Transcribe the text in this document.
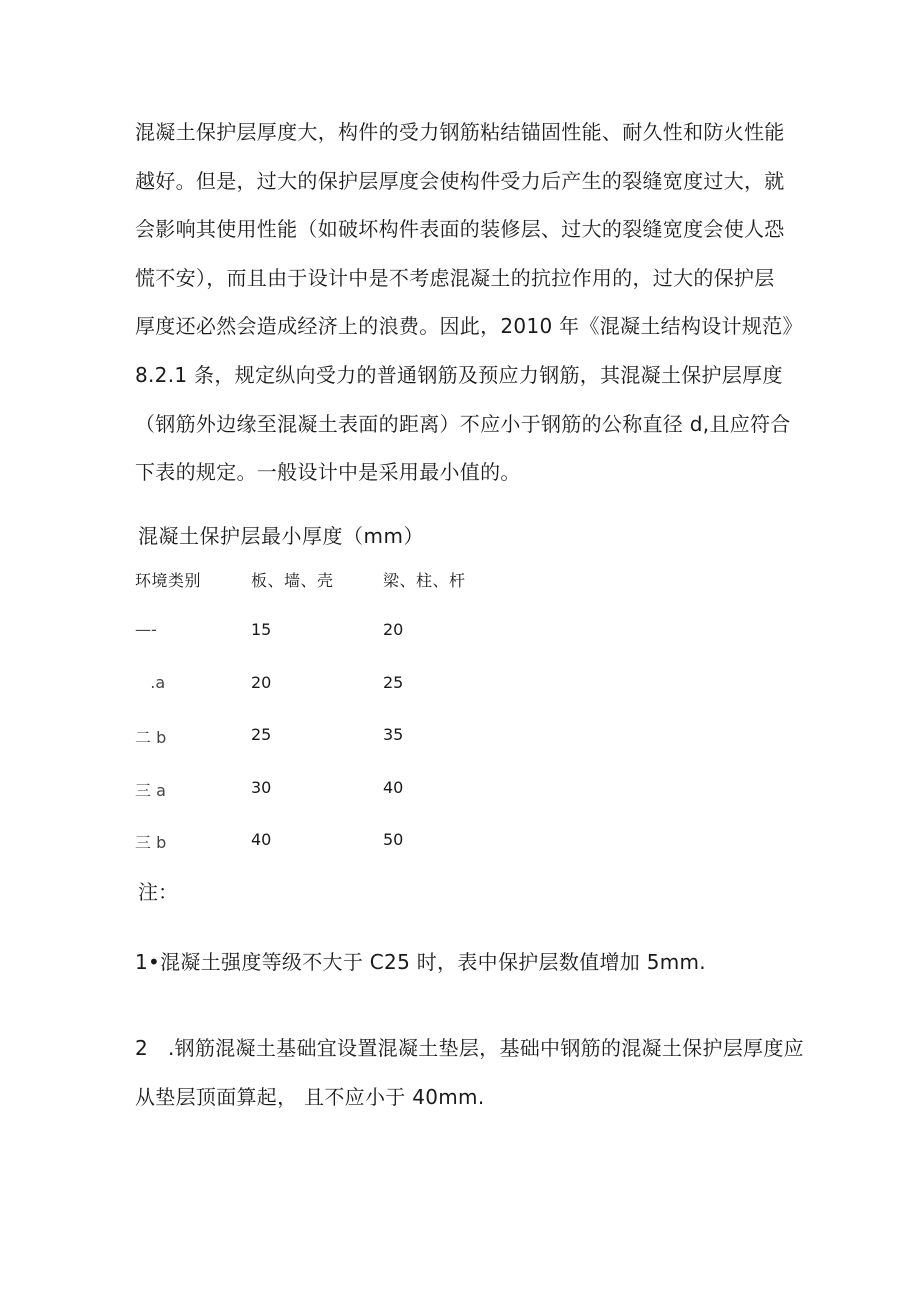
混凝土保护层厚度大，构件的受力钢筋粘结锚固性能、耐久性和防火性能
越好。但是，过大的保护层厚度会使构件受力后产生的裂缝宽度过大，就
会影响其使用性能（如破坏构件表面的装修层、过大的裂缝宽度会使人恐
慌不安），而且由于设计中是不考虑混凝土的抗拉作用的，过大的保护层
厚度还必然会造成经济上的浪费。因此，2010 年《混凝土结构设计规范》
8.2.1 条，规定纵向受力的普通钢筋及预应力钢筋，其混凝土保护层厚度
（钢筋外边缘至混凝土表面的距离）不应小于钢筋的公称直径 d,且应符合
下表的规定。一般设计中是采用最小值的。
混凝土保护层最小厚度（mm）
环境类别	板、墙、壳	梁、柱、杆
—-	15	20
.a	20	25
二 b	25	35
三 a	30	40
三 b	40	50
注：
1•混凝土强度等级不大于 C25 时，表中保护层数值增加 5mm.
2   .钢筋混凝土基础宜设置混凝土垫层，基础中钢筋的混凝土保护层厚度应
从垫层顶面算起， 且不应小于 40mm.
